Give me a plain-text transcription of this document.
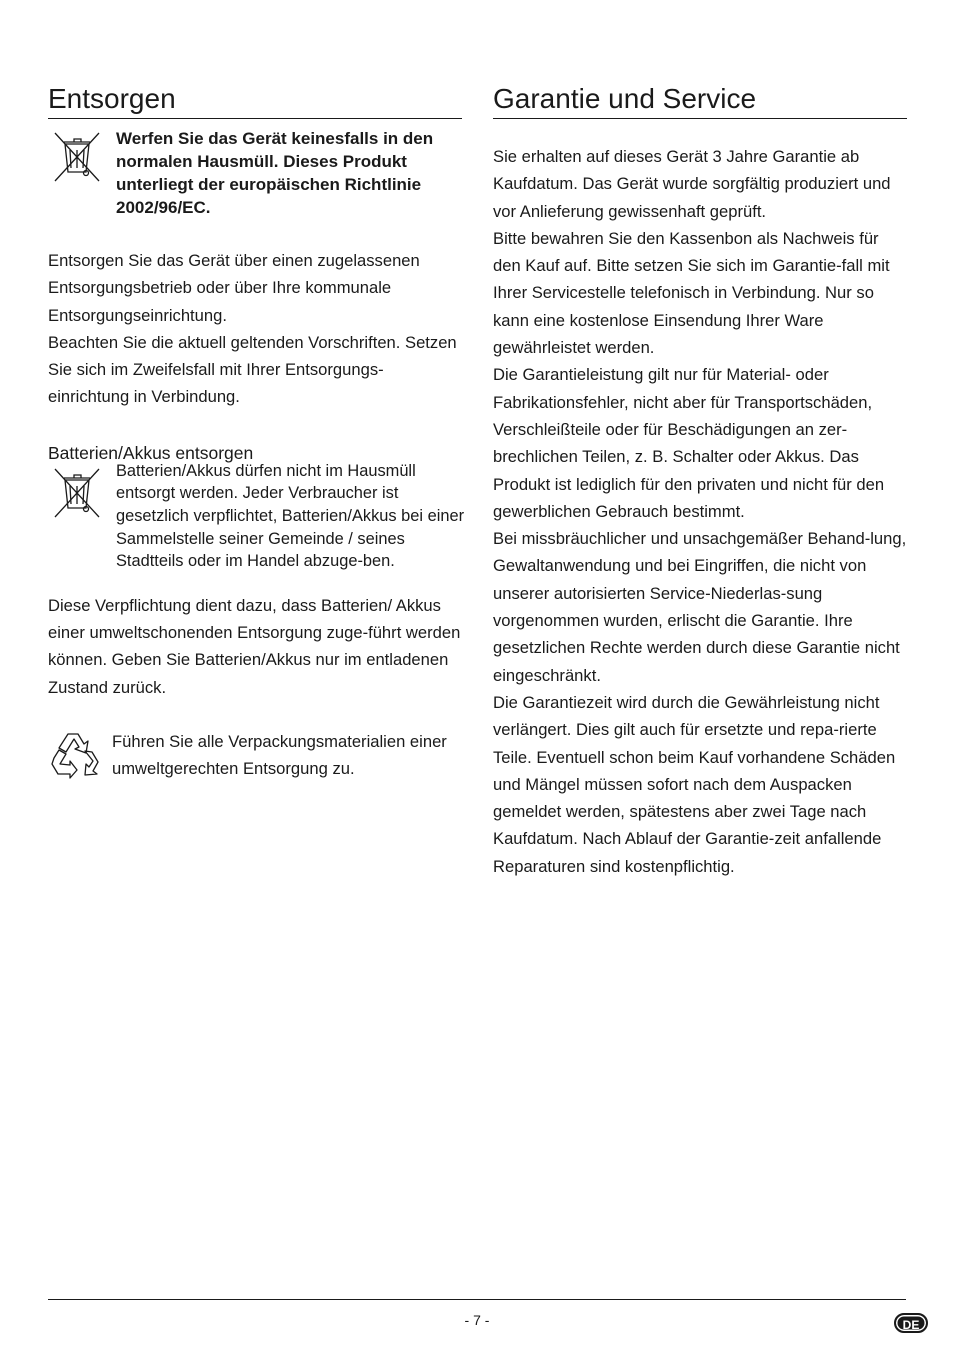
Entsorgen
Werfen Sie das Gerät keinesfalls in den normalen Hausmüll. Dieses Produkt unterliegt der europäischen Richtlinie 2002/96/EC.

Entsorgen Sie das Gerät über einen zugelassenen Entsorgungsbetrieb oder über Ihre kommunale Entsorgungseinrichtung.
Beachten Sie die aktuell geltenden Vorschriften. Setzen Sie sich im Zweifelsfall mit Ihrer Entsorgungs-einrichtung in Verbindung.

Batterien/Akkus entsorgen
Batterien/Akkus dürfen nicht im Hausmüll entsorgt werden. Jeder Verbraucher ist gesetzlich verpflichtet, Batterien/Akkus bei einer Sammelstelle seiner Gemeinde / seines Stadtteils oder im Handel abzuge-ben.

Diese Verpflichtung dient dazu, dass Batterien/ Akkus einer umweltschonenden Entsorgung zuge-führt werden können. Geben Sie Batterien/Akkus nur im entladenen Zustand zurück.

Führen Sie alle Verpackungsmaterialien einer umweltgerechten Entsorgung zu.
Garantie und Service

Sie erhalten auf dieses Gerät 3 Jahre Garantie ab Kaufdatum. Das Gerät wurde sorgfältig produziert und vor Anlieferung gewissenhaft geprüft.
Bitte bewahren Sie den Kassenbon als Nachweis für den Kauf auf. Bitte setzen Sie sich im Garantie-fall mit Ihrer Servicestelle telefonisch in Verbindung. Nur so kann eine kostenlose Einsendung Ihrer Ware gewährleistet werden.
Die Garantieleistung gilt nur für Material- oder Fabrikationsfehler, nicht aber für Transportschäden, Verschleißteile oder für Beschädigungen an zer-brechlichen Teilen, z. B. Schalter oder Akkus. Das Produkt ist lediglich für den privaten und nicht für den gewerblichen Gebrauch bestimmt.
Bei missbräuchlicher und unsachgemäßer Behand-lung, Gewaltanwendung und bei Eingriffen, die nicht von unserer autorisierten Service-Niederlas-sung vorgenommen wurden, erlischt die Garantie. Ihre gesetzlichen Rechte werden durch diese Garantie nicht eingeschränkt.
Die Garantiezeit wird durch die Gewährleistung nicht verlängert. Dies gilt auch für ersetzte und repa-rierte Teile. Eventuell schon beim Kauf vorhandene Schäden und Mängel müssen sofort nach dem Auspacken gemeldet werden, spätestens aber zwei Tage nach Kaufdatum. Nach Ablauf der Garantie-zeit anfallende Reparaturen sind kostenpflichtig.

- 7 -	DE
